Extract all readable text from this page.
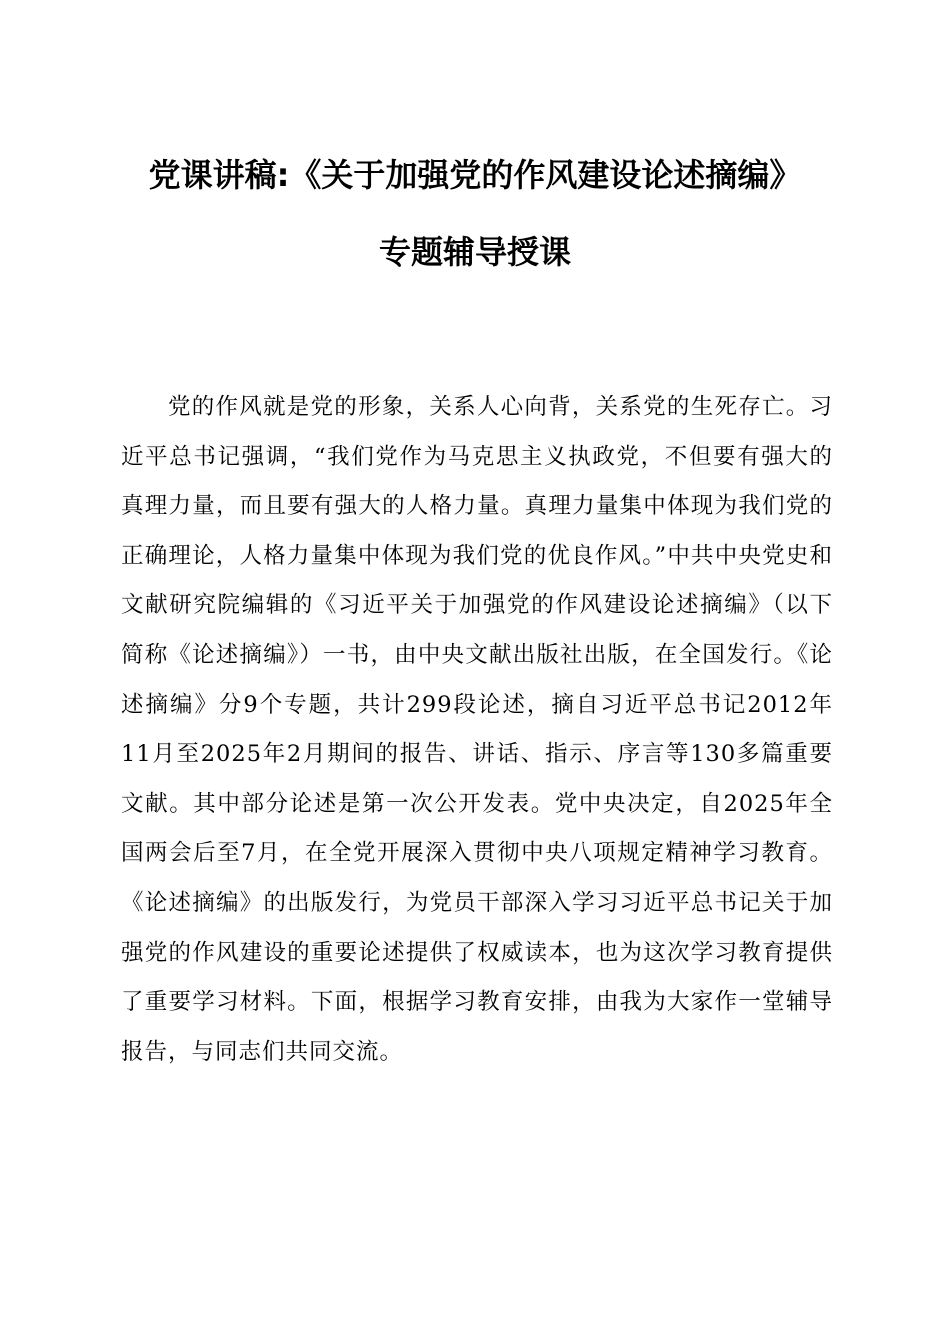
党课讲稿:《关于加强党的作风建设论述摘编》
专题辅导授课

党的作风就是党的形象，关系人心向背，关系党的生死存亡。习近平总书记强调，“我们党作为马克思主义执政党，不但要有强大的真理力量，而且要有强大的人格力量。真理力量集中体现为我们党的正确理论，人格力量集中体现为我们党的优良作风。”中共中央党史和文献研究院编辑的《习近平关于加强党的作风建设论述摘编》（以下简称《论述摘编》）一书，由中央文献出版社出版，在全国发行。《论述摘编》分9个专题，共计299段论述，摘自习近平总书记2012年11月至2025年2月期间的报告、讲话、指示、序言等130多篇重要文献。其中部分论述是第一次公开发表。党中央决定，自2025年全国两会后至7月，在全党开展深入贯彻中央八项规定精神学习教育。《论述摘编》的出版发行，为党员干部深入学习习近平总书记关于加强党的作风建设的重要论述提供了权威读本，也为这次学习教育提供了重要学习材料。下面，根据学习教育安排，由我为大家作一堂辅导报告，与同志们共同交流。
